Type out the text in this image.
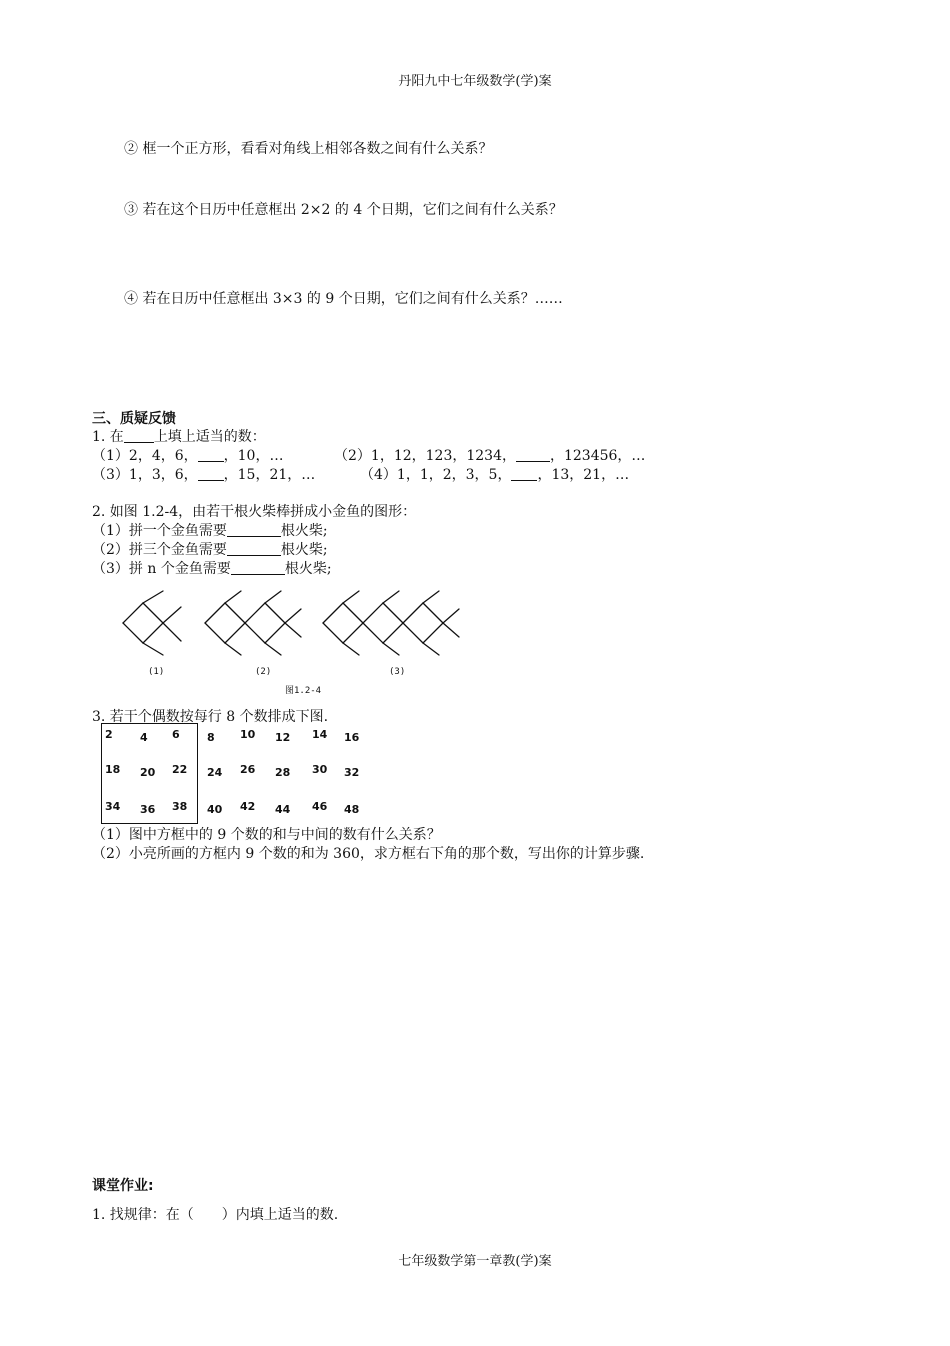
丹阳九中七年级数学(学)案
② 框一个正方形，看看对角线上相邻各数之间有什么关系？
③ 若在这个日历中任意框出 2×2 的 4 个日期，它们之间有什么关系？
④ 若在日历中任意框出 3×3 的 9 个日期，它们之间有什么关系？……
三、质疑反馈
1. 在 上填上适当的数：
（1）2，4，6， ，10，…	（2）1，12，123，1234， ，123456，…
（3）1，3，6， ，15，21，…	（4）1，1，2，3，5， ，13，21，…
2. 如图 1.2-4，由若干根火柴棒拼成小金鱼的图形：
（1）拼一个金鱼需要	根火柴;
（2）拼三个金鱼需要	根火柴;
（3）拼 n 个金鱼需要	根火柴;
(1)	(2)	(3)
图1.2-4
3. 若干个偶数按每行 8 个数排成下图.
2 4 6 8 10 12 14 16
18 20 22 24 26 28 30 32
34 36 38 40 42 44 46 48
（1）图中方框中的 9 个数的和与中间的数有什么关系？
（2）小亮所画的方框内 9 个数的和为 360，求方框右下角的那个数，写出你的计算步骤.
课堂作业:
1. 找规律：在（　　）内填上适当的数.
七年级数学第一章教(学)案
